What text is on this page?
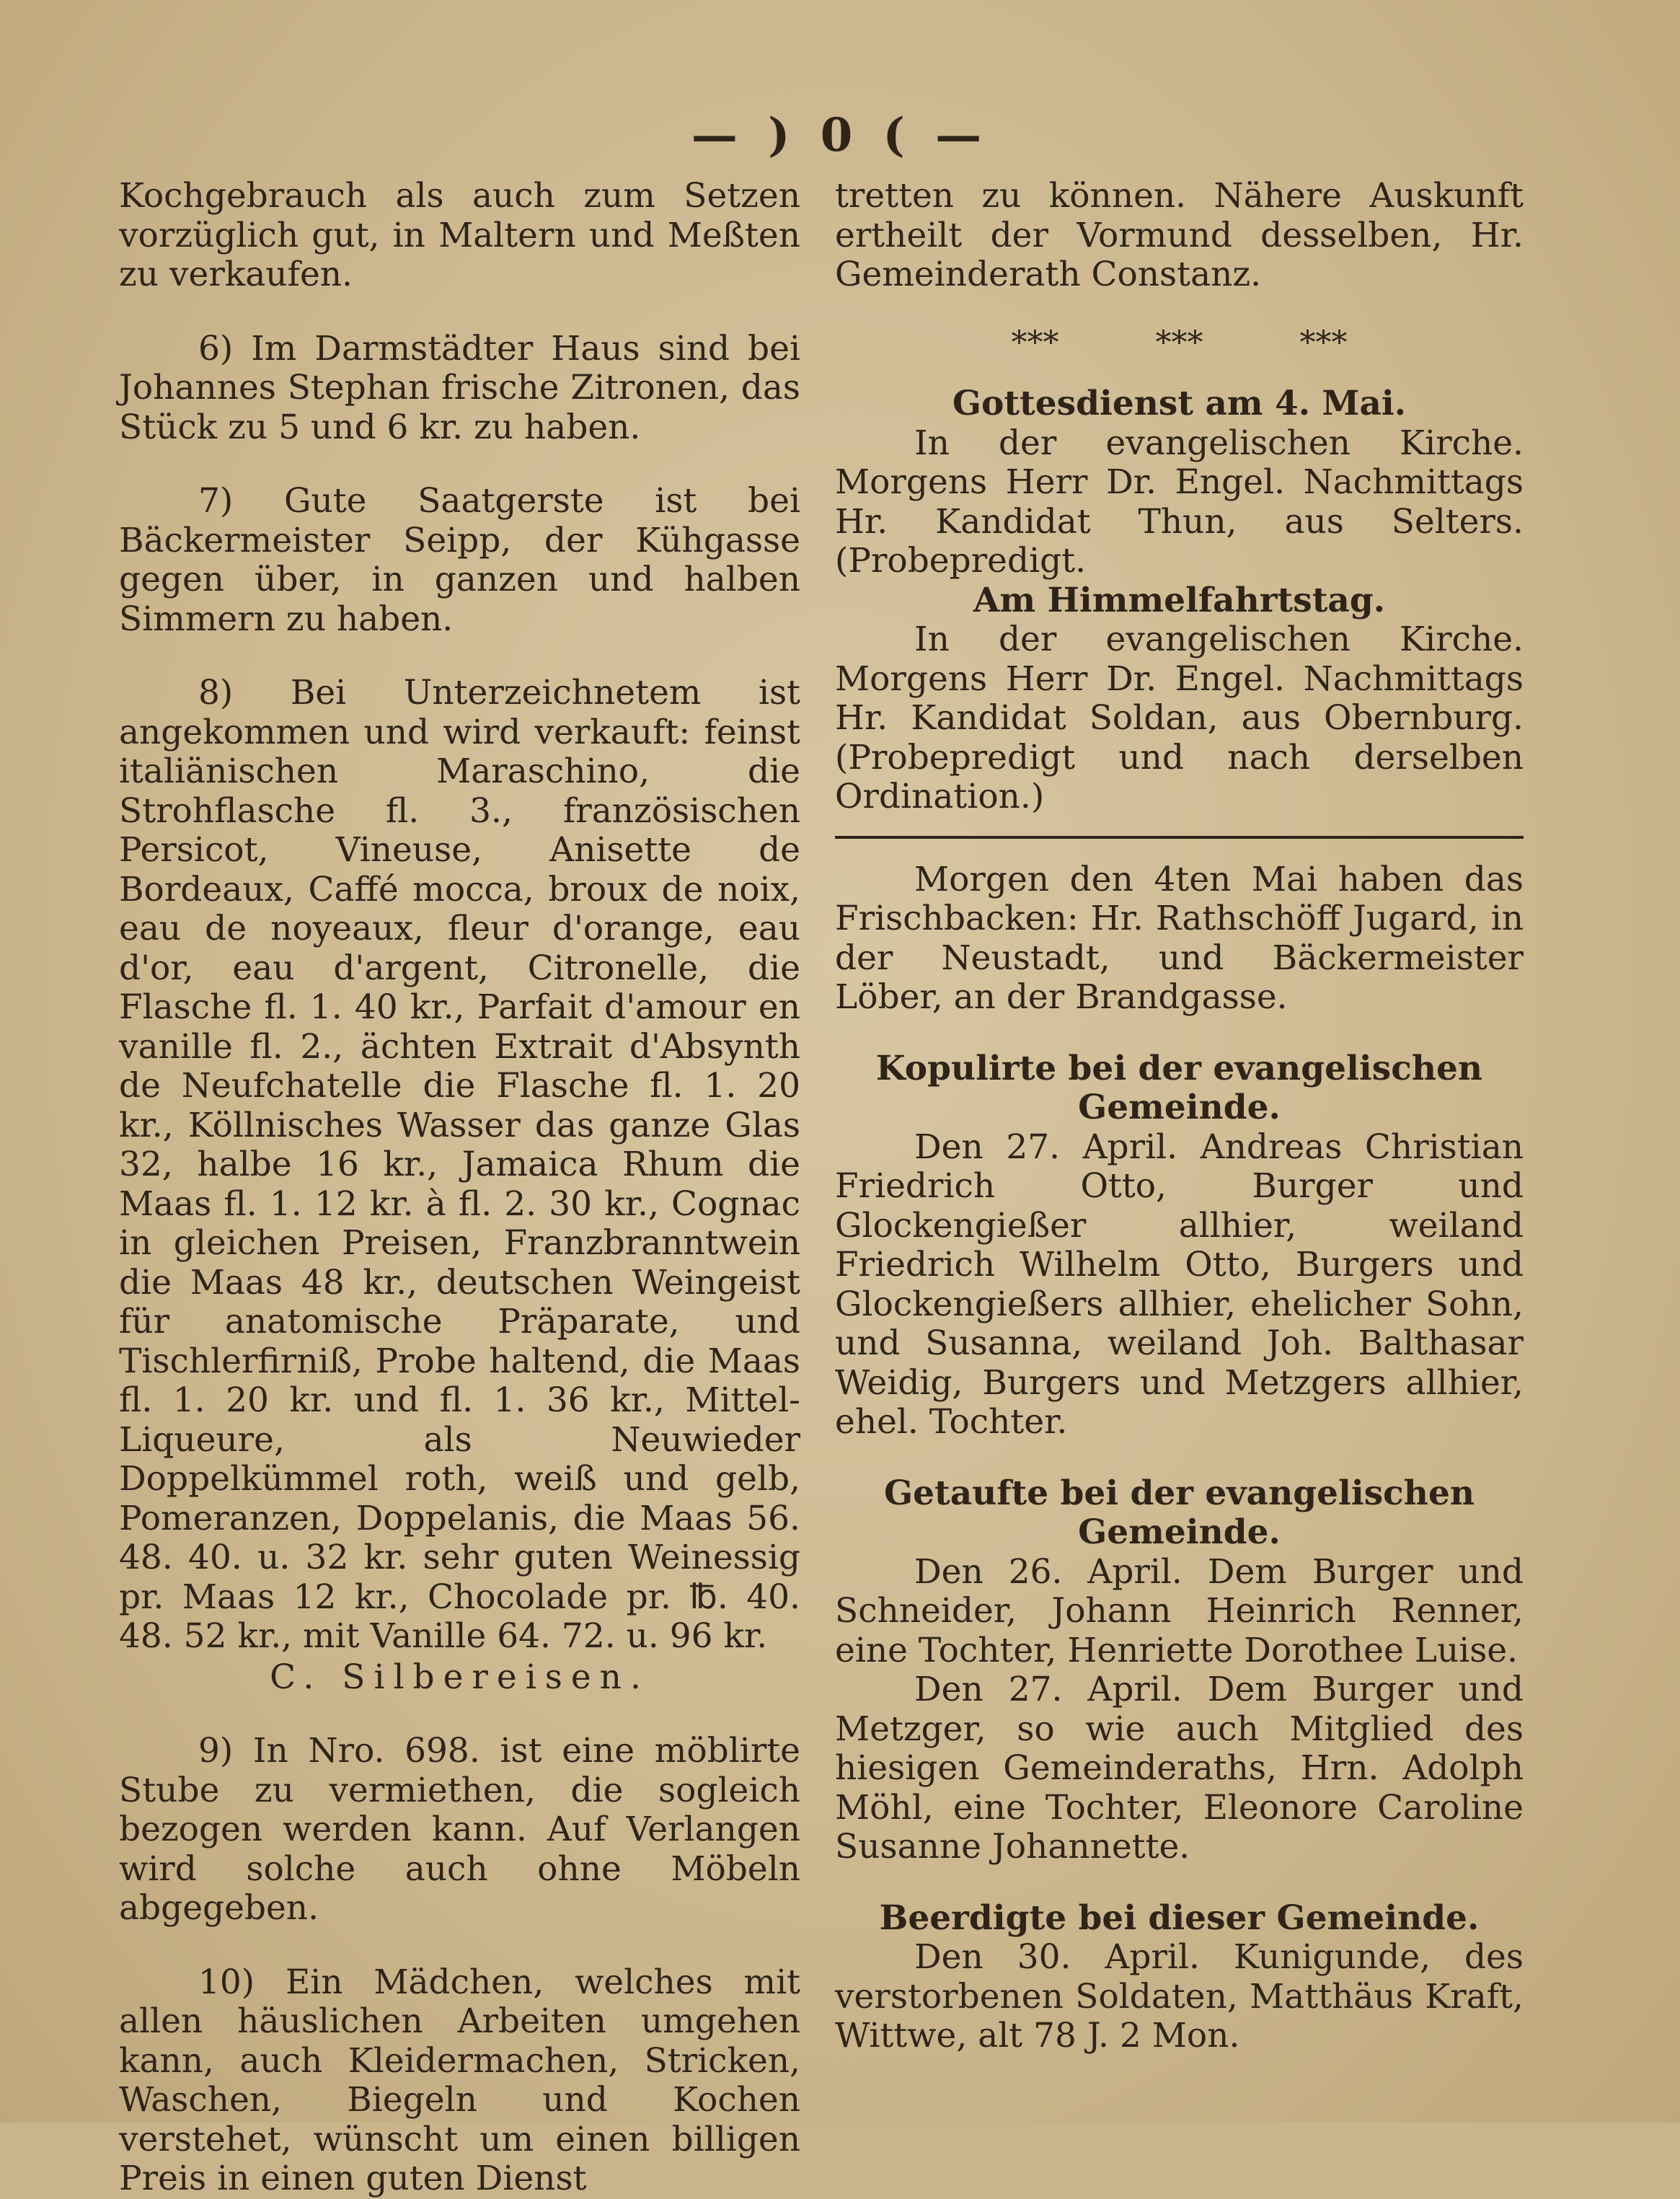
— ) 0 ( —

Kochgebrauch als auch zum Setzen vorzüglich gut, in Maltern und Meßten zu verkaufen.

6) Im Darmstädter Haus sind bei Johannes Stephan frische Zitronen, das Stück zu 5 und 6 kr. zu haben.

7) Gute Saatgerste ist bei Bäckermeister Seipp, der Kühgasse gegen über, in ganzen und halben Simmern zu haben.

8) Bei Unterzeichnetem ist angekommen und wird verkauft: feinst italiänischen Maraschino, die Strohflasche fl. 3., französischen Persicot, Vineuse, Anisette de Bordeaux, Caffé mocca, broux de noix, eau de noyeaux, fleur d'orange, eau d'or, eau d'argent, Citronelle, die Flasche fl. 1. 40 kr., Parfait d'amour en vanille fl. 2., ächten Extrait d'Absynth de Neufchatelle die Flasche fl. 1. 20 kr., Köllnisches Wasser das ganze Glas 32, halbe 16 kr., Jamaica Rhum die Maas fl. 1. 12 kr. à fl. 2. 30 kr., Cognac in gleichen Preisen, Franzbranntwein die Maas 48 kr., deutschen Weingeist für anatomische Präparate, und Tischlerfirniß, Probe haltend, die Maas fl. 1. 20 kr. und fl. 1. 36 kr., Mittel-Liqueure, als Neuwieder Doppelkümmel roth, weiß und gelb, Pomeranzen, Doppelanis, die Maas 56. 48. 40. u. 32 kr. sehr guten Weinessig pr. Maas 12 kr., Chocolade pr. ℔. 40. 48. 52 kr., mit Vanille 64. 72. u. 96 kr.

C. Silbereisen.

9) In Nro. 698. ist eine möblirte Stube zu vermiethen, die sogleich bezogen werden kann. Auf Verlangen wird solche auch ohne Möbeln abgegeben.

10) Ein Mädchen, welches mit allen häuslichen Arbeiten umgehen kann, auch Kleidermachen, Stricken, Waschen, Biegeln und Kochen verstehet, wünscht um einen billigen Preis in einen guten Dienst

tretten zu können. Nähere Auskunft ertheilt der Vormund desselben, Hr. Gemeinderath Constanz.

*** *** ***

Gottesdienst am 4. Mai.

In der evangelischen Kirche. Morgens Herr Dr. Engel. Nachmittags Hr. Kandidat Thun, aus Selters. (Probepredigt.

Am Himmelfahrtstag.

In der evangelischen Kirche. Morgens Herr Dr. Engel. Nachmittags Hr. Kandidat Soldan, aus Obernburg. (Probepredigt und nach derselben Ordination.)

Morgen den 4ten Mai haben das Frischbacken: Hr. Rathschöff Jugard, in der Neustadt, und Bäckermeister Löber, an der Brandgasse.

Kopulirte bei der evangelischen Gemeinde.

Den 27. April. Andreas Christian Friedrich Otto, Burger und Glockengießer allhier, weiland Friedrich Wilhelm Otto, Burgers und Glockengießers allhier, ehelicher Sohn, und Susanna, weiland Joh. Balthasar Weidig, Burgers und Metzgers allhier, ehel. Tochter.

Getaufte bei der evangelischen Gemeinde.

Den 26. April. Dem Burger und Schneider, Johann Heinrich Renner, eine Tochter, Henriette Dorothee Luise.

Den 27. April. Dem Burger und Metzger, so wie auch Mitglied des hiesigen Gemeinderaths, Hrn. Adolph Möhl, eine Tochter, Eleonore Caroline Susanne Johannette.

Beerdigte bei dieser Gemeinde.

Den 30. April. Kunigunde, des verstorbenen Soldaten, Matthäus Kraft, Wittwe, alt 78 J. 2 Mon.
